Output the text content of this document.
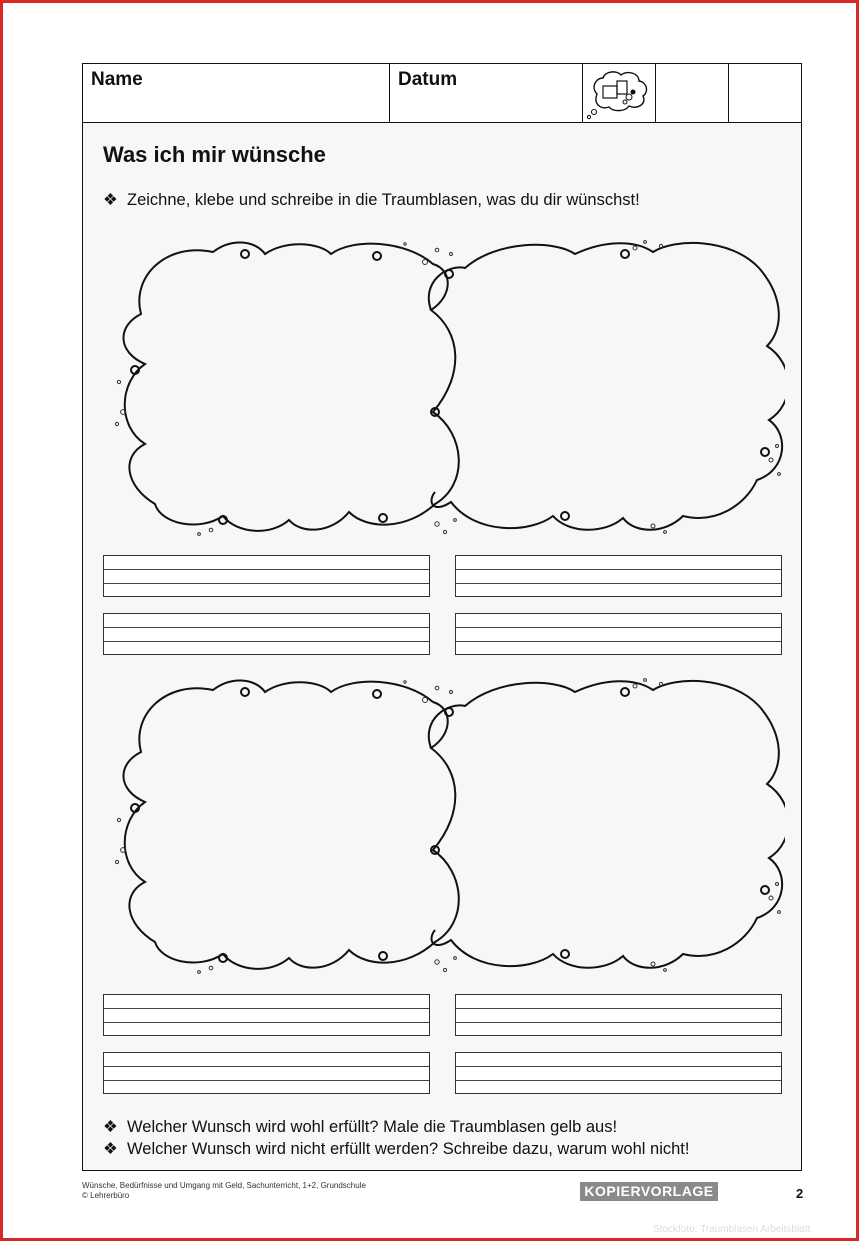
Name	Datum
Was ich mir wünsche
❖ Zeichne, klebe und schreibe in die Traumblasen, was du dir wünschst!
❖ Welcher Wunsch wird wohl erfüllt? Male die Traumblasen gelb aus!
❖ Welcher Wunsch wird nicht erfüllt werden? Schreibe dazu, warum wohl nicht!
Wünsche, Bedürfnisse und Umgang mit Geld, Sachunterricht, 1+2, Grundschule
© Lehrerbüro	KOPIERVORLAGE	2
Stockfoto: Traumblasen Arbeitsblatt
